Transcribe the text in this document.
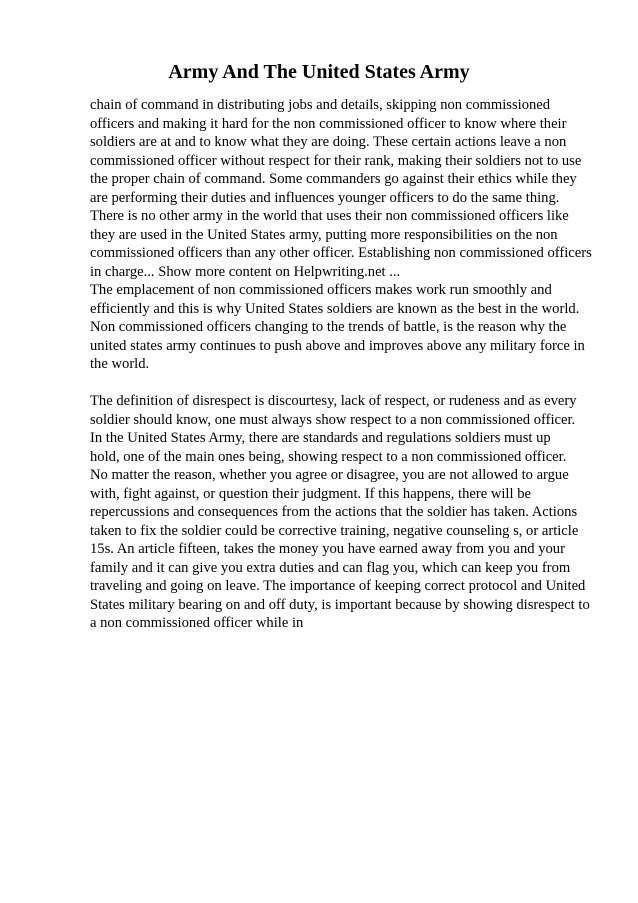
Army And The United States Army
chain of command in distributing jobs and details, skipping non commissioned
officers and making it hard for the non commissioned officer to know where their
soldiers are at and to know what they are doing. These certain actions leave a non
commissioned officer without respect for their rank, making their soldiers not to use
the proper chain of command. Some commanders go against their ethics while they
are performing their duties and influences younger officers to do the same thing.
There is no other army in the world that uses their non commissioned officers like
they are used in the United States army, putting more responsibilities on the non
commissioned officers than any other officer. Establishing non commissioned officers
in charge... Show more content on Helpwriting.net ...
The emplacement of non commissioned officers makes work run smoothly and
efficiently and this is why United States soldiers are known as the best in the world.
Non commissioned officers changing to the trends of battle, is the reason why the
united states army continues to push above and improves above any military force in
the world.
The definition of disrespect is discourtesy, lack of respect, or rudeness and as every
soldier should know, one must always show respect to a non commissioned officer.
In the United States Army, there are standards and regulations soldiers must up
hold, one of the main ones being, showing respect to a non commissioned officer.
No matter the reason, whether you agree or disagree, you are not allowed to argue
with, fight against, or question their judgment. If this happens, there will be
repercussions and consequences from the actions that the soldier has taken. Actions
taken to fix the soldier could be corrective training, negative counseling s, or article
15s. An article fifteen, takes the money you have earned away from you and your
family and it can give you extra duties and can flag you, which can keep you from
traveling and going on leave. The importance of keeping correct protocol and United
States military bearing on and off duty, is important because by showing disrespect to
a non commissioned officer while in
